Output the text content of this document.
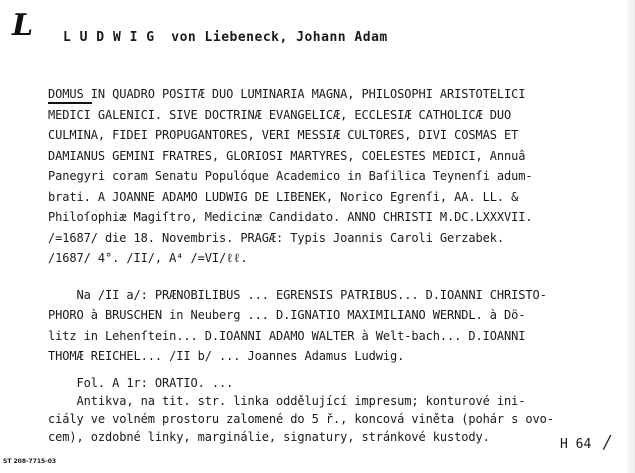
L L U D W I G  von Liebeneck, Johann Adam
DOMUS IN QUADRO POSITÆ DUO LUMINARIA MAGNA, PHILOSOPHI ARISTOTELICI
MEDICI GALENICI. SIVE DOCTRINÆ EVANGELICÆ, ECCLESIÆ CATHOLICÆ DUO
CULMINA, FIDEI PROPUGANTORES, VERI MESSIÆ CULTORES, DIVI COSMAS ET
DAMIANUS GEMINI FRATRES, GLORIOSI MARTYRES, COELESTES MEDICI, Annuâ
Panegyri coram Senatu Populóque Academico in Baſilica Teynenſi adum-
brati. A JOANNE ADAMO LUDWIG DE LIBENEK, Norico Egrenſi, AA. LL. &
Philoſophiæ Magiſtro, Medicinæ Candidato. ANNO CHRISTI M.DC.LXXXVII.
/=1687/ die 18. Novembris. PRAGÆ: Typis Joannis Caroli Gerzabek.
/1687/ 4°. /II/, A⁴ /=VI/ℓℓ.
Na /II a/: PRÆNOBILIBUS ... EGRENSIS PATRIBUS... D.IOANNI CHRISTO-
PHORO à BRUSCHEN in Neuberg ... D.IGNATIO MAXIMILIANO WERNDL. à Dö-
litz in Lehenſtein... D.IOANNI ADAMO WALTER à Welt-bach... D.IOANNI
THOMÆ REICHEL... /II b/ ... Joannes Adamus Ludwig.
Fol. A 1r: ORATIO. ...
Antikva, na tit. str. linka oddělující impresum; konturové ini-
ciály ve volném prostoru zalomené do 5 ř., koncová viněta (pohár s ovo-
cem), ozdobné linky, marginálie, signatury, stránkové kustody.	H 64 /
ST 208-7715-03
